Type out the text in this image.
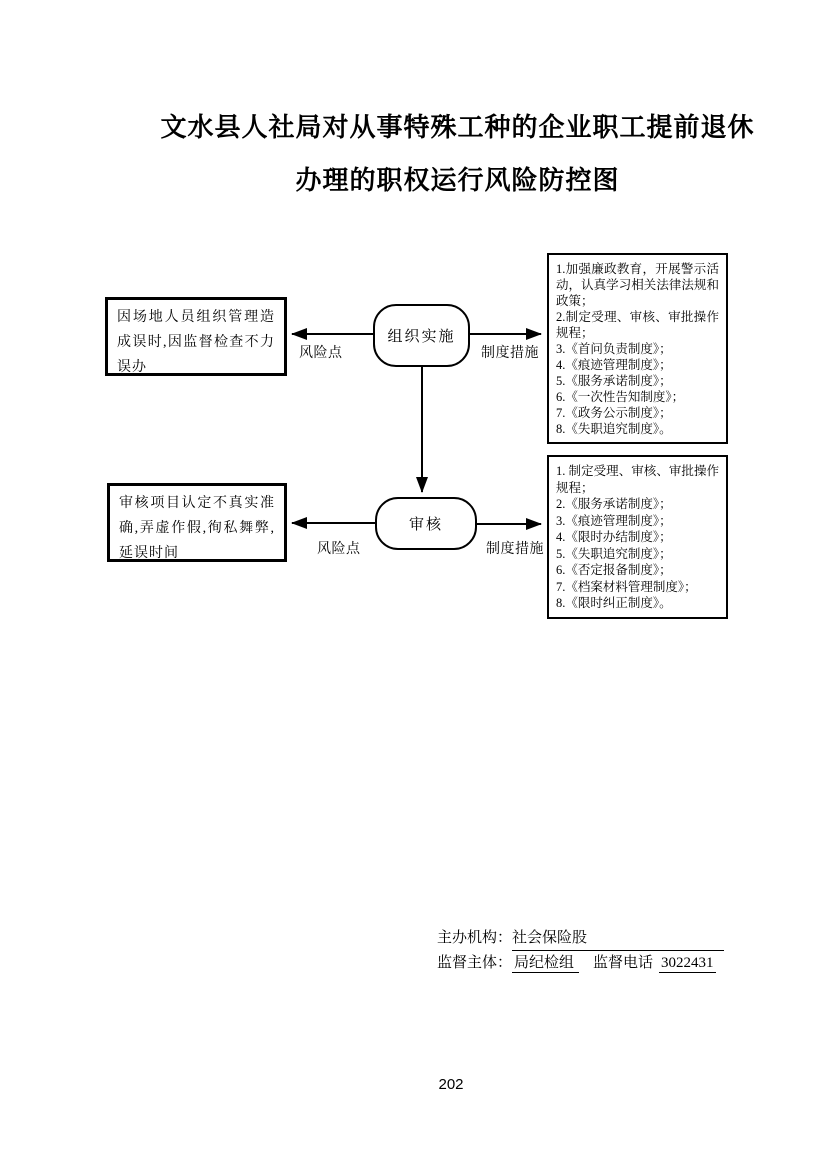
文水县人社局对从事特殊工种的企业职工提前退休
办理的职权运行风险防控图
因场地人员组织管理造成误时,因监督检查不力误办
组织实施
1.加强廉政教育，开展警示活动，认真学习相关法律法规和政策；
2.制定受理、审核、审批操作规程；
3.《首问负责制度》；
4.《痕迹管理制度》；
5.《服务承诺制度》；
6.《一次性告知制度》；
7.《政务公示制度》；
8.《失职追究制度》。
风险点	制度措施
审核项目认定不真实准确,弄虚作假,徇私舞弊,延误时间
审核
1. 制定受理、审核、审批操作规程；
2.《服务承诺制度》；
3.《痕迹管理制度》；
4.《限时办结制度》；
5.《失职追究制度》；
6.《否定报备制度》；
7.《档案材料管理制度》；
8.《限时纠正制度》。
风险点	制度措施
主办机构：社会保险股
监督主体： 局纪检组 监督电话 3022431
202
